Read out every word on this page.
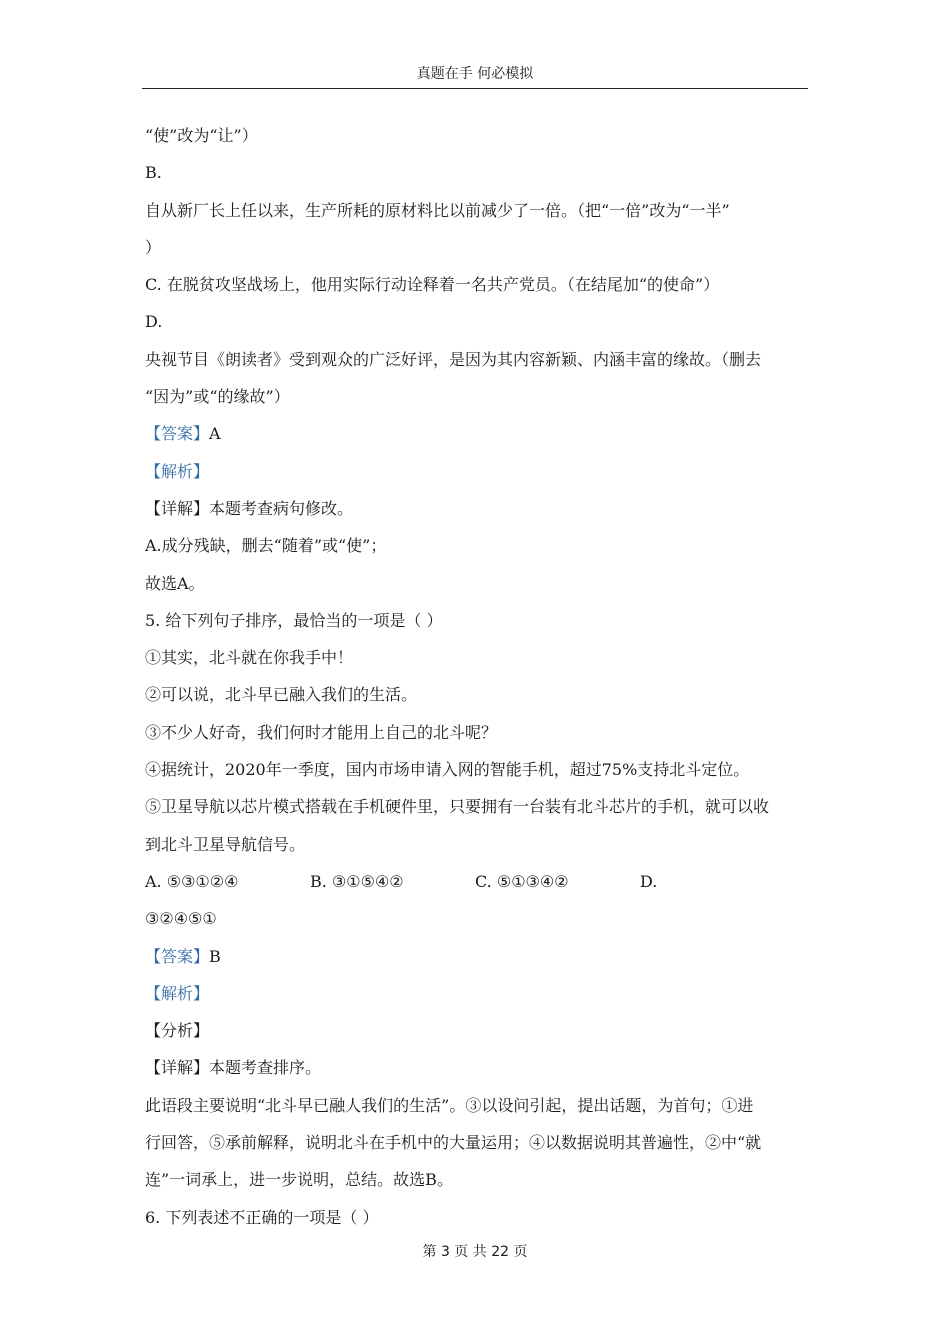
真题在手 何必模拟
“使”改为“让”）
B.
自从新厂长上任以来，生产所耗的原材料比以前减少了一倍。（把“一倍”改为“一半”
）
C. 在脱贫攻坚战场上，他用实际行动诠释着一名共产党员。（在结尾加“的使命”）
D.
央视节目《朗读者》受到观众的广泛好评，是因为其内容新颖、内涵丰富的缘故。（删去
“因为”或“的缘故”）
【答案】A
【解析】
【详解】本题考查病句修改。
A.成分残缺，删去“随着”或“使”；
故选A。
5. 给下列句子排序，最恰当的一项是（ ）
①其实，北斗就在你我手中！
②可以说，北斗早已融入我们的生活。
③不少人好奇，我们何时才能用上自己的北斗呢？
④据统计，2020年一季度，国内市场申请入网的智能手机，超过75%支持北斗定位。
⑤卫星导航以芯片模式搭载在手机硬件里，只要拥有一台装有北斗芯片的手机，就可以收
到北斗卫星导航信号。
A. ⑤③①②④	B. ③①⑤④②	C. ⑤①③④②	D.
③②④⑤①
【答案】B
【解析】
【分析】
【详解】本题考查排序。
此语段主要说明“北斗早已融人我们的生活”。③以设问引起，提出话题，为首句；①进
行回答，⑤承前解释，说明北斗在手机中的大量运用；④以数据说明其普遍性，②中“就
连”一词承上，进一步说明，总结。故选B。
6. 下列表述不正确的一项是（ ）
第 3 页 共 22 页
